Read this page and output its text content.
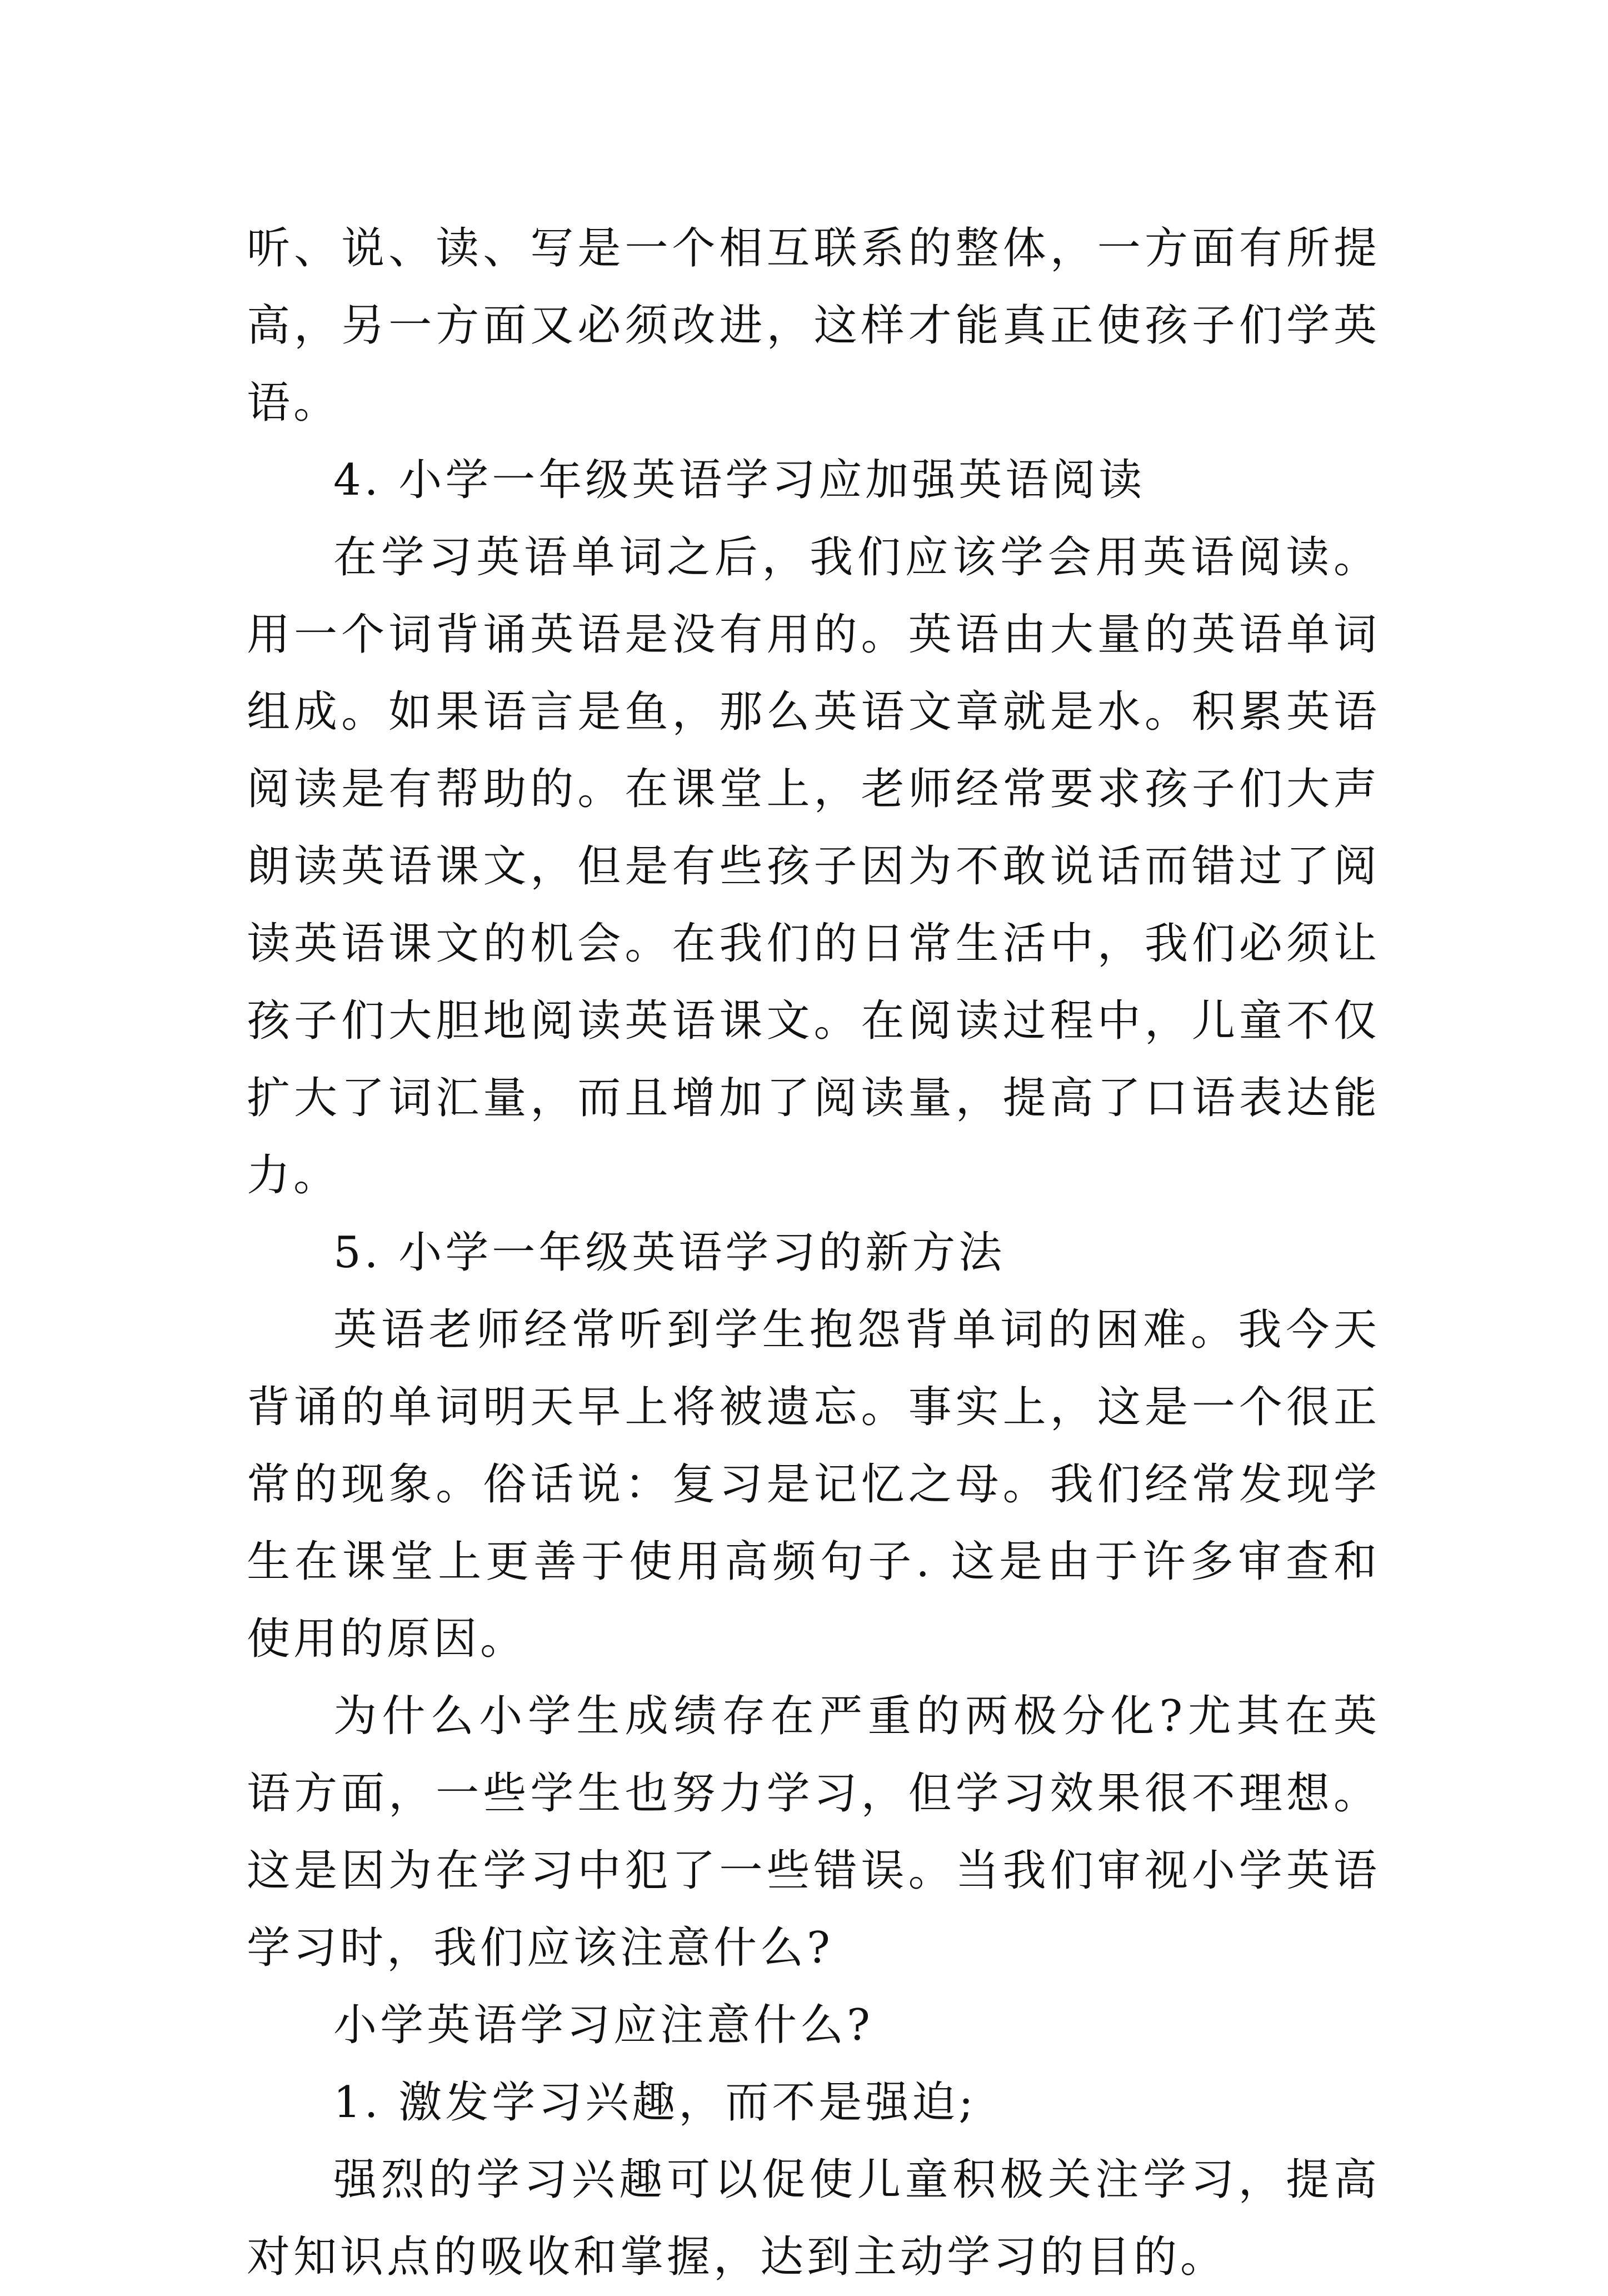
听、说、读、写是一个相互联系的整体，一方面有所提高，另一方面又必须改进，这样才能真正使孩子们学英语。

4. 小学一年级英语学习应加强英语阅读

在学习英语单词之后，我们应该学会用英语阅读。用一个词背诵英语是没有用的。英语由大量的英语单词组成。如果语言是鱼，那么英语文章就是水。积累英语阅读是有帮助的。在课堂上，老师经常要求孩子们大声朗读英语课文，但是有些孩子因为不敢说话而错过了阅读英语课文的机会。在我们的日常生活中，我们必须让孩子们大胆地阅读英语课文。在阅读过程中，儿童不仅扩大了词汇量，而且增加了阅读量，提高了口语表达能力。

5. 小学一年级英语学习的新方法

英语老师经常听到学生抱怨背单词的困难。我今天背诵的单词明天早上将被遗忘。事实上，这是一个很正常的现象。俗话说：复习是记忆之母。我们经常发现学生在课堂上更善于使用高频句子. 这是由于许多审查和使用的原因。

为什么小学生成绩存在严重的两极分化?尤其在英语方面，一些学生也努力学习，但学习效果很不理想。这是因为在学习中犯了一些错误。当我们审视小学英语学习时，我们应该注意什么?

小学英语学习应注意什么?

1. 激发学习兴趣，而不是强迫;

强烈的学习兴趣可以促使儿童积极关注学习，提高对知识点的吸收和掌握，达到主动学习的目的。
